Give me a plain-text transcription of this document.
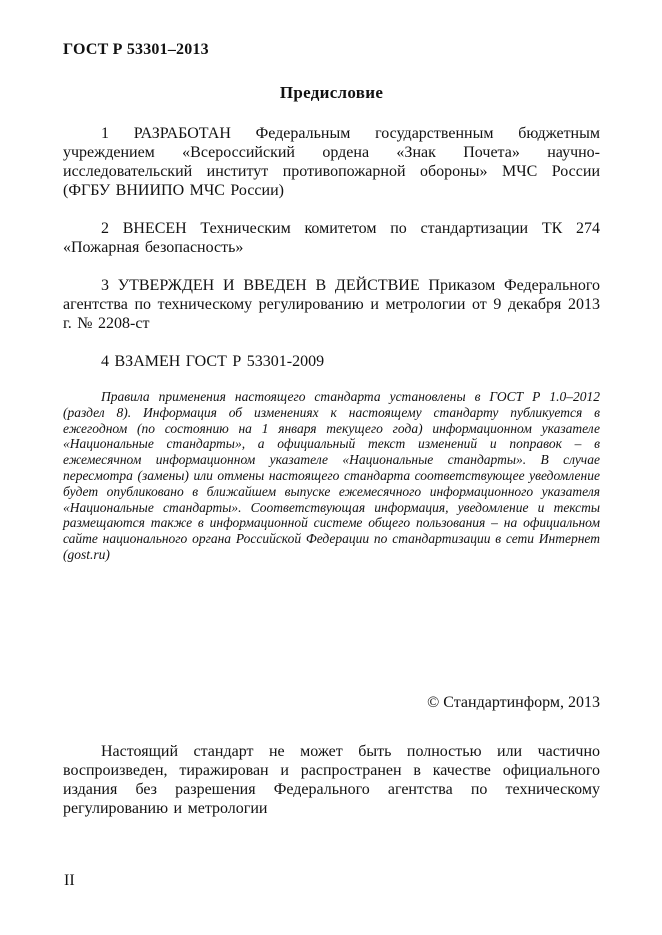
ГОСТ Р 53301–2013
Предисловие
1 РАЗРАБОТАН Федеральным государственным бюджетным учреждением «Всероссийский ордена «Знак Почета» научно-исследовательский институт противопожарной обороны» МЧС России (ФГБУ ВНИИПО МЧС России)
2 ВНЕСЕН Техническим комитетом по стандартизации ТК 274 «Пожарная безопасность»
3 УТВЕРЖДЕН И ВВЕДЕН В ДЕЙСТВИЕ Приказом Федерального агентства по техническому регулированию и метрологии от 9 декабря 2013 г. № 2208-ст
4 ВЗАМЕН ГОСТ Р 53301-2009
Правила применения настоящего стандарта установлены в ГОСТ Р 1.0–2012 (раздел 8). Информация об изменениях к настоящему стандарту публикуется в ежегодном (по состоянию на 1 января текущего года) информационном указателе «Национальные стандарты», а официальный текст изменений и поправок – в ежемесячном информационном указателе «Национальные стандарты». В случае пересмотра (замены) или отмены настоящего стандарта соответствующее уведомление будет опубликовано в ближайшем выпуске ежемесячного информационного указателя «Национальные стандарты». Соответствующая информация, уведомление и тексты размещаются также в информационной системе общего пользования – на официальном сайте национального органа Российской Федерации по стандартизации в сети Интернет (gost.ru)
© Стандартинформ, 2013
Настоящий стандарт не может быть полностью или частично воспроизведен, тиражирован и распространен в качестве официального издания без разрешения Федерального агентства по техническому регулированию и метрологии
II
